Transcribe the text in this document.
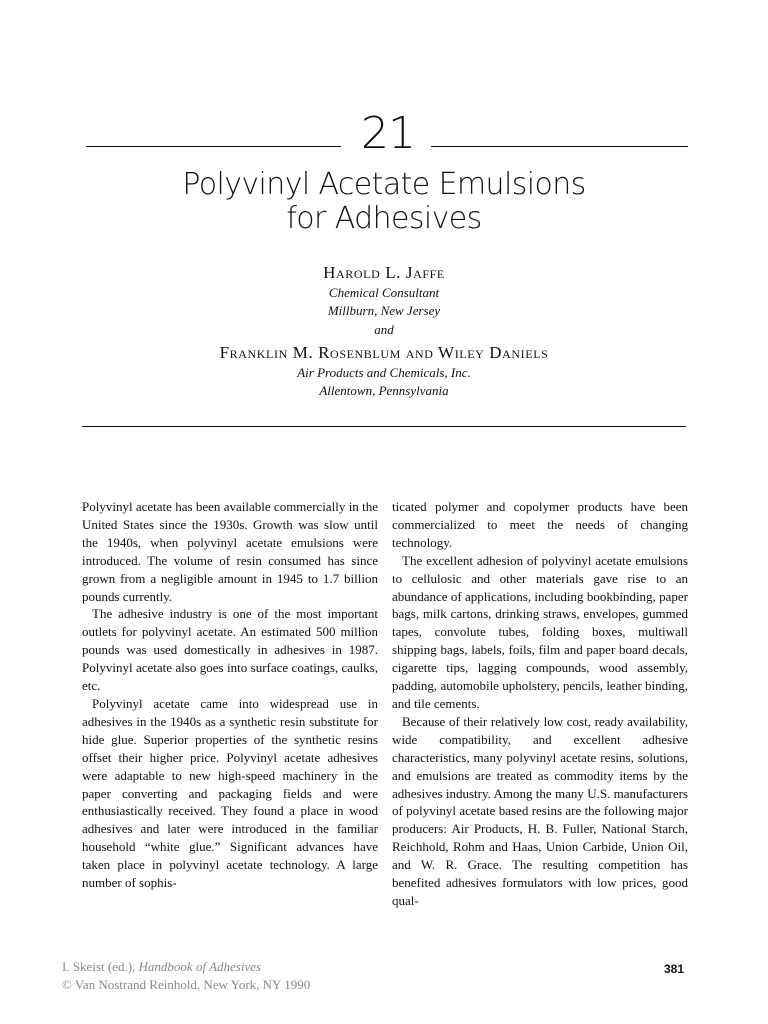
21
Polyvinyl Acetate Emulsions
for Adhesives
Harold L. Jaffe
Chemical Consultant
Millburn, New Jersey
and
Franklin M. Rosenblum and Wiley Daniels
Air Products and Chemicals, Inc.
Allentown, Pennsylvania

Polyvinyl acetate has been available commercially in the United States since the 1930s. Growth was slow until the 1940s, when polyvinyl acetate emulsions were introduced. The volume of resin consumed has since grown from a negligible amount in 1945 to 1.7 billion pounds currently.

The adhesive industry is one of the most important outlets for polyvinyl acetate. An estimated 500 million pounds was used domestically in adhesives in 1987. Polyvinyl acetate also goes into surface coatings, caulks, etc.

Polyvinyl acetate came into widespread use in adhesives in the 1940s as a synthetic resin substitute for hide glue. Superior properties of the synthetic resins offset their higher price. Polyvinyl acetate adhesives were adaptable to new high-speed machinery in the paper converting and packaging fields and were enthusiastically received. They found a place in wood adhesives and later were introduced in the familiar household “white glue.” Significant advances have taken place in polyvinyl acetate technology. A large number of sophis-

ticated polymer and copolymer products have been commercialized to meet the needs of changing technology.

The excellent adhesion of polyvinyl acetate emulsions to cellulosic and other materials gave rise to an abundance of applications, including bookbinding, paper bags, milk cartons, drinking straws, envelopes, gummed tapes, convolute tubes, folding boxes, multiwall shipping bags, labels, foils, film and paper board decals, cigarette tips, lagging compounds, wood assembly, padding, automobile upholstery, pencils, leather binding, and tile cements.

Because of their relatively low cost, ready availability, wide compatibility, and excellent adhesive characteristics, many polyvinyl acetate resins, solutions, and emulsions are treated as commodity items by the adhesives industry. Among the many U.S. manufacturers of polyvinyl acetate based resins are the following major producers: Air Products, H. B. Fuller, National Starch, Reichhold, Rohm and Haas, Union Carbide, Union Oil, and W. R. Grace. The resulting competition has benefited adhesives formulators with low prices, good qual-

I. Skeist (ed.), Handbook of Adhesives
© Van Nostrand Reinhold, New York, NY 1990
381
